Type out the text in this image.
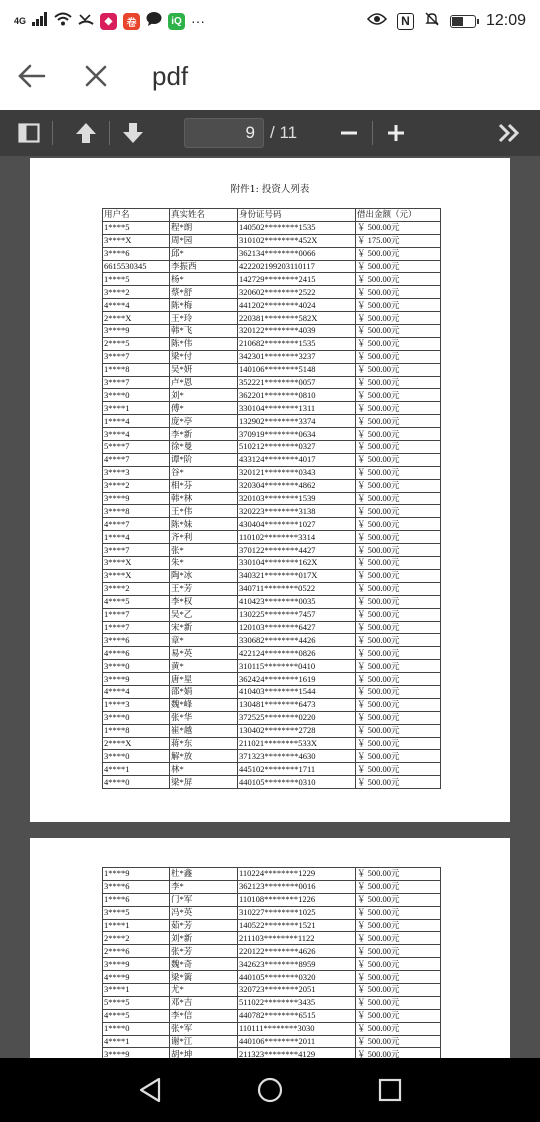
4G	◆	卷	iQ ···	N	12:09
pdf
9 / 11
附件1: 投资人列表
用户名	真实姓名	身份证号码	借出金额（元）
1****5	程*朗	140502********1535	￥ 500.00元
3****X	周*园	310102********452X	￥ 175.00元
3****6	邱*	362134********0066	￥ 500.00元
6615530345	李振西	422202199203110117	￥ 500.00元
1****5	杨*	142729********2415	￥ 500.00元
3****2	蔡*舒	320602********2522	￥ 500.00元
4****4	陈*梅	441202********4024	￥ 500.00元
2****X	王*玲	220381********582X	￥ 500.00元
3****9	韩*飞	320122********4039	￥ 500.00元
2****5	陈*伟	210682********1535	￥ 500.00元
3****7	梁*付	342301********3237	￥ 500.00元
1****8	吴*妍	140106********5148	￥ 500.00元
3****7	卢*恩	352221********0057	￥ 500.00元
3****0	刘*	362201********0810	￥ 500.00元
3****1	傅*	330104********1311	￥ 500.00元
1****4	庞*亭	132902********3374	￥ 500.00元
3****4	李*新	370919********0634	￥ 500.00元
5****7	徐*曼	510212********0327	￥ 500.00元
4****7	谭*阶	433124********4017	￥ 500.00元
3****3	谷*	320121********0343	￥ 500.00元
3****2	相*芬	320304********4862	￥ 500.00元
3****9	韩*林	320103********1539	￥ 500.00元
3****8	王*伟	320223********3138	￥ 500.00元
4****7	陈*妹	430404********1027	￥ 500.00元
1****4	齐*利	110102********3314	￥ 500.00元
3****7	张*	370122********4427	￥ 500.00元
3****X	朱*	330104********162X	￥ 500.00元
3****X	陶*冰	340321********017X	￥ 500.00元
3****2	王*芳	340711********0522	￥ 500.00元
4****5	李*权	410423********0035	￥ 500.00元
1****7	吴*乙	130225********7457	￥ 500.00元
1****7	宋*新	120103********6427	￥ 500.00元
3****6	章*	330682********4426	￥ 500.00元
4****6	易*英	422124********0826	￥ 500.00元
3****0	黄*	310115********0410	￥ 500.00元
3****9	唐*星	362424********1619	￥ 500.00元
4****4	邵*娟	410403********1544	￥ 500.00元
1****3	魏*峰	130481********6473	￥ 500.00元
3****0	张*华	372525********0220	￥ 500.00元
1****8	崔*越	130402********2728	￥ 500.00元
2****X	蒋*东	211021********533X	￥ 500.00元
3****0	解*放	371323********4630	￥ 500.00元
4****1	林*	445102********1711	￥ 500.00元
4****0	梁*屏	440105********0310	￥ 500.00元
1****9	杜*鑫	110224********1229	￥ 500.00元
3****6	李*	362123********0016	￥ 500.00元
1****6	门*军	110108********1226	￥ 500.00元
3****5	冯*英	310227********1025	￥ 500.00元
1****1	茹*芳	140522********1521	￥ 500.00元
2****2	刘*新	211103********1122	￥ 500.00元
2****6	张*芳	220122********4626	￥ 500.00元
3****9	魏*奇	342623********8959	￥ 500.00元
4****9	梁*篱	440105********0320	￥ 500.00元
3****1	尤*	320723********2051	￥ 500.00元
5****5	邓*吉	511022********3435	￥ 500.00元
4****5	李*信	440782********6515	￥ 500.00元
1****0	张*军	110111********3030	￥ 500.00元
4****1	谢*江	440106********2011	￥ 500.00元
3****9	胡*坤	211323********4129	￥ 500.00元
